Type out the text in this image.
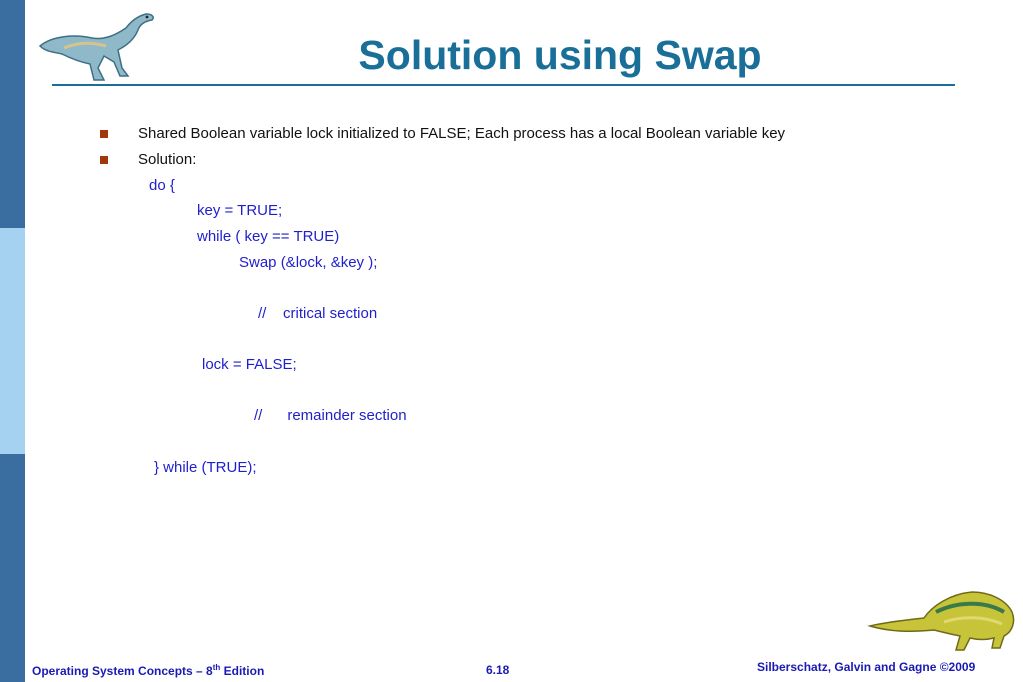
Solution using Swap
Shared Boolean variable lock initialized to FALSE; Each process has a local Boolean variable key
Solution:
do {
key = TRUE;
while ( key == TRUE)
Swap (&lock, &key );
//    critical section
lock = FALSE;
//      remainder section
} while (TRUE);
Operating System Concepts – 8th Edition	6.18	Silberschatz, Galvin and Gagne ©2009
